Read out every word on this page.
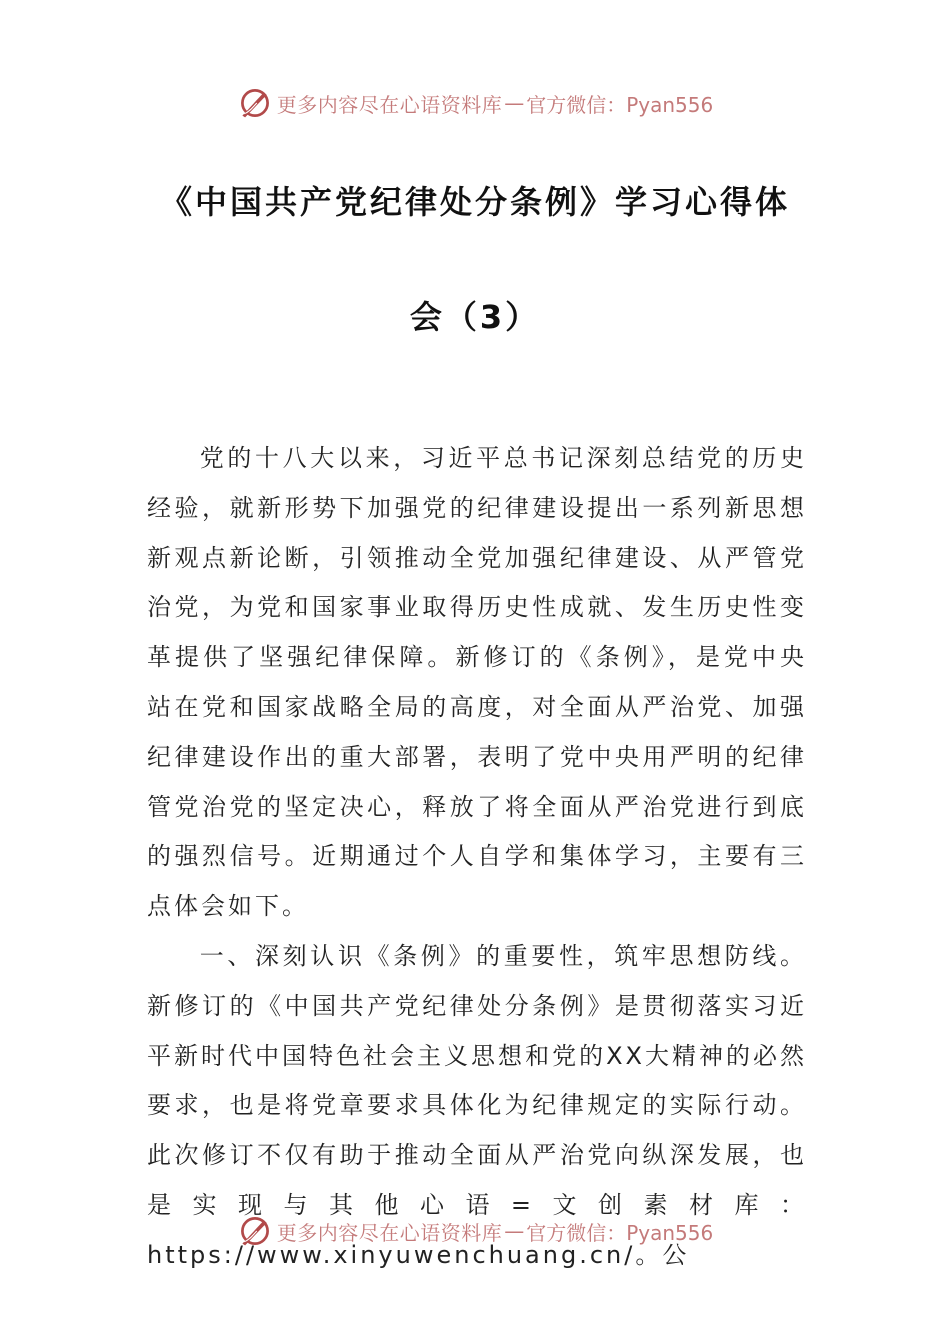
更多内容尽在心语资料库 — 官方微信：Pyan556
《中国共产党纪律处分条例》学习心得体
会（3）

党的十八大以来，习近平总书记深刻总结党的历史经验，就新形势下加强党的纪律建设提出一系列新思想新观点新论断，引领推动全党加强纪律建设、从严管党治党，为党和国家事业取得历史性成就、发生历史性变革提供了坚强纪律保障。新修订的《条例》，是党中央站在党和国家战略全局的高度，对全面从严治党、加强纪律建设作出的重大部署，表明了党中央用严明的纪律管党治党的坚定决心，释放了将全面从严治党进行到底的强烈信号。近期通过个人自学和集体学习，主要有三点体会如下。

一、深刻认识《条例》的重要性，筑牢思想防线。新修订的《中国共产党纪律处分条例》是贯彻落实习近平新时代中国特色社会主义思想和党的XX大精神的必然要求，也是将党章要求具体化为纪律规定的实际行动。此次修订不仅有助于推动全面从严治党向纵深发展，也是实现与其他心语=文创素材库：https://www.xinyuwenchuang.cn/。公

更多内容尽在心语资料库 — 官方微信：Pyan556
